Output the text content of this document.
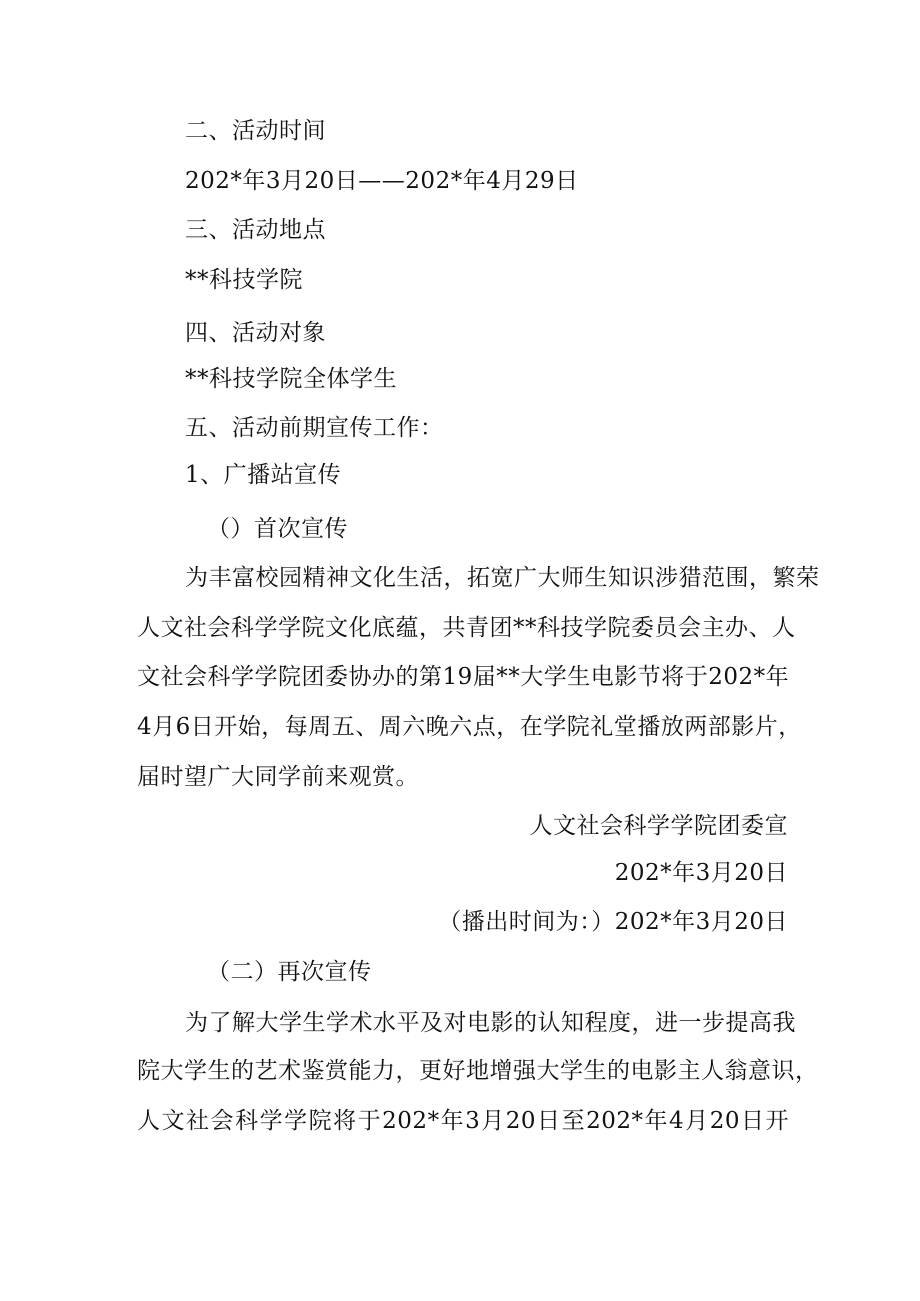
二、活动时间
202*年3月20日——202*年4月29日
三、活动地点
**科技学院
四、活动对象
**科技学院全体学生
五、活动前期宣传工作：
1、广播站宣传
（）首次宣传
为丰富校园精神文化生活，拓宽广大师生知识涉猎范围，繁荣
人文社会科学学院文化底蕴，共青团**科技学院委员会主办、人
文社会科学学院团委协办的第19届**大学生电影节将于202*年
4月6日开始，每周五、周六晚六点，在学院礼堂播放两部影片，
届时望广大同学前来观赏。
人文社会科学学院团委宣
202*年3月20日
（播出时间为：）202*年3月20日
（二）再次宣传
为了解大学生学术水平及对电影的认知程度，进一步提高我
院大学生的艺术鉴赏能力，更好地增强大学生的电影主人翁意识，
人文社会科学学院将于202*年3月20日至202*年4月20日开
